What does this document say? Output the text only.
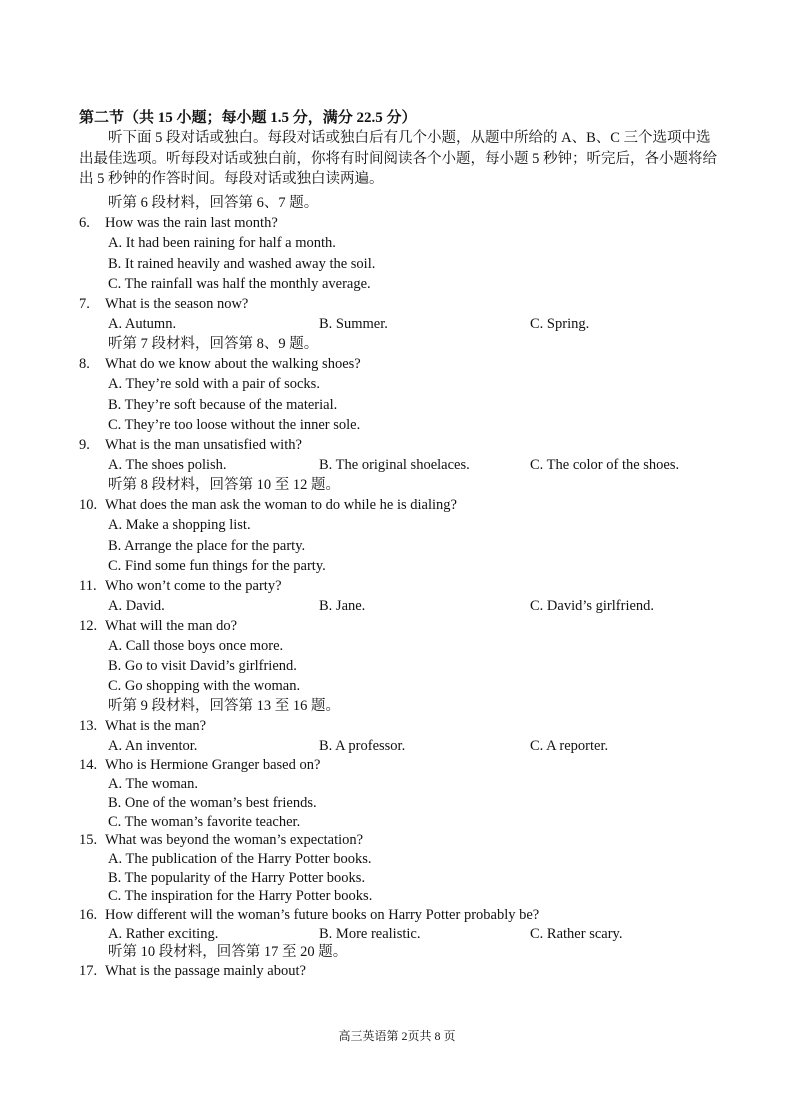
第二节（共 15 小题；每小题 1.5 分，满分 22.5 分）
听下面 5 段对话或独白。每段对话或独白后有几个小题，从题中所给的 A、B、C 三个选项中选出最佳选项。听每段对话或独白前，你将有时间阅读各个小题，每小题 5 秒钟；听完后，各小题将给出 5 秒钟的作答时间。每段对话或独白读两遍。
听第 6 段材料，回答第 6、7 题。
6. How was the rain last month?
A. It had been raining for half a month.
B. It rained heavily and washed away the soil.
C. The rainfall was half the monthly average.
7. What is the season now?
A. Autumn.	B. Summer.	C. Spring.
听第 7 段材料，回答第 8、9 题。
8. What do we know about the walking shoes?
A. They’re sold with a pair of socks.
B. They’re soft because of the material.
C. They’re too loose without the inner sole.
9. What is the man unsatisfied with?
A. The shoes polish.	B. The original shoelaces.	C. The color of the shoes.
听第 8 段材料，回答第 10 至 12 题。
10. What does the man ask the woman to do while he is dialing?
A. Make a shopping list.
B. Arrange the place for the party.
C. Find some fun things for the party.
11. Who won’t come to the party?
A. David.	B. Jane.	C. David’s girlfriend.
12. What will the man do?
A. Call those boys once more.
B. Go to visit David’s girlfriend.
C. Go shopping with the woman.
听第 9 段材料，回答第 13 至 16 题。
13. What is the man?
A. An inventor.	B. A professor.	C. A reporter.
14. Who is Hermione Granger based on?
A. The woman.
B. One of the woman’s best friends.
C. The woman’s favorite teacher.
15. What was beyond the woman’s expectation?
A. The publication of the Harry Potter books.
B. The popularity of the Harry Potter books.
C. The inspiration for the Harry Potter books.
16. How different will the woman’s future books on Harry Potter probably be?
A. Rather exciting.	B. More realistic.	C. Rather scary.
听第 10 段材料，回答第 17 至 20 题。
17. What is the passage mainly about?
高三英语第 2页共 8 页
